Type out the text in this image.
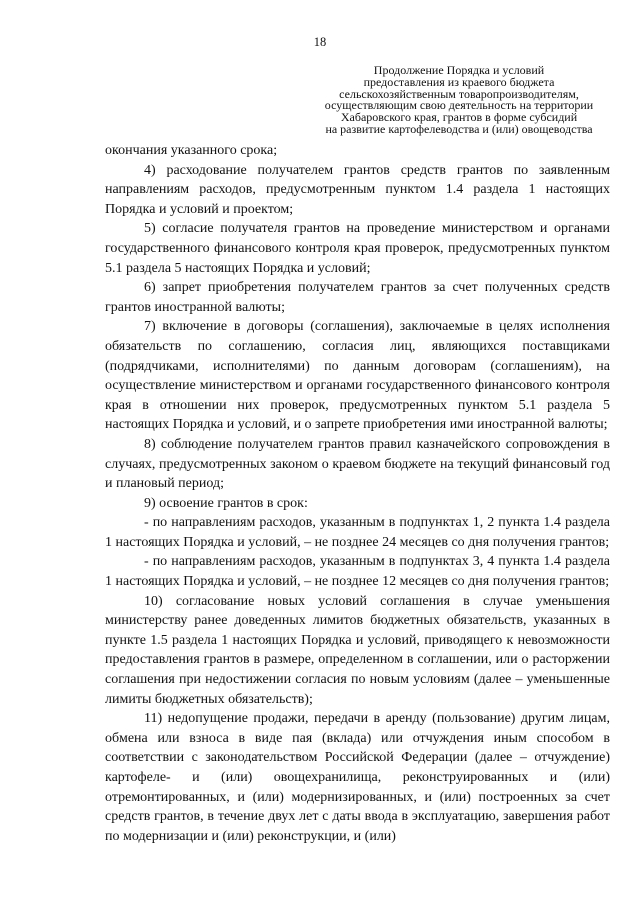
18
Продолжение Порядка и условий
предоставления из краевого бюджета
сельскохозяйственным товаропроизводителям,
осуществляющим свою деятельность на территории
Хабаровского края, грантов в форме субсидий
на развитие картофелеводства и (или) овощеводства

окончания указанного срока;

4) расходование получателем грантов средств грантов по заявленным направлениям расходов, предусмотренным пунктом 1.4 раздела 1 настоящих Порядка и условий и проектом;

5) согласие получателя грантов на проведение министерством и органами государственного финансового контроля края проверок, предусмотренных пунктом 5.1 раздела 5 настоящих Порядка и условий;

6) запрет приобретения получателем грантов за счет полученных средств грантов иностранной валюты;

7) включение в договоры (соглашения), заключаемые в целях исполнения обязательств по соглашению, согласия лиц, являющихся поставщиками (подрядчиками, исполнителями) по данным договорам (соглашениям), на осуществление министерством и органами государственного финансового контроля края в отношении них проверок, предусмотренных пунктом 5.1 раздела 5 настоящих Порядка и условий, и о запрете приобретения ими иностранной валюты;

8) соблюдение получателем грантов правил казначейского сопровождения в случаях, предусмотренных законом о краевом бюджете на текущий финансовый год и плановый период;

9) освоение грантов в срок:

- по направлениям расходов, указанным в подпунктах 1, 2 пункта 1.4 раздела 1 настоящих Порядка и условий, – не позднее 24 месяцев со дня получения грантов;

- по направлениям расходов, указанным в подпунктах 3, 4 пункта 1.4 раздела 1 настоящих Порядка и условий, – не позднее 12 месяцев со дня получения грантов;

10) согласование новых условий соглашения в случае уменьшения министерству ранее доведенных лимитов бюджетных обязательств, указанных в пункте 1.5 раздела 1 настоящих Порядка и условий, приводящего к невозможности предоставления грантов в размере, определенном в соглашении, или о расторжении соглашения при недостижении согласия по новым условиям (далее – уменьшенные лимиты бюджетных обязательств);

11) недопущение продажи, передачи в аренду (пользование) другим лицам, обмена или взноса в виде пая (вклада) или отчуждения иным способом в соответствии с законодательством Российской Федерации (далее – отчуждение) картофеле- и (или) овощехранилища, реконструированных и (или) отремонтированных, и (или) модернизированных, и (или) построенных за счет средств грантов, в течение двух лет с даты ввода в эксплуатацию, завершения работ по модернизации и (или) реконструкции, и (или)
